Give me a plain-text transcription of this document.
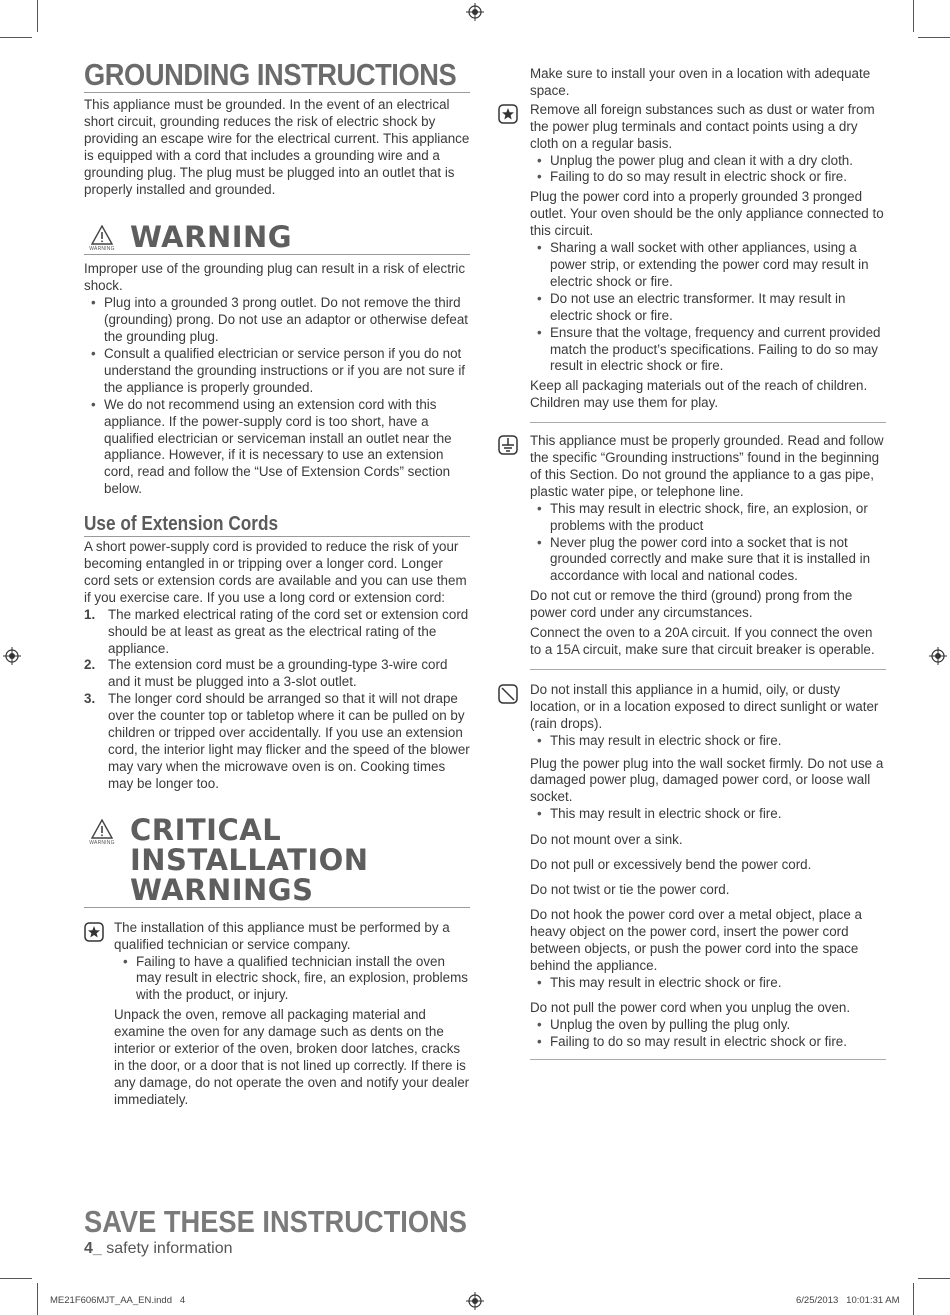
GROUNDING INSTRUCTIONS

This appliance must be grounded. In the event of an electrical short circuit, grounding reduces the risk of electric shock by providing an escape wire for the electrical current. This appliance is equipped with a cord that includes a grounding wire and a grounding plug. The plug must be plugged into an outlet that is properly installed and grounded.

WARNING WARNING

Improper use of the grounding plug can result in a risk of electric shock.

• Plug into a grounded 3 prong outlet. Do not remove the third (grounding) prong. Do not use an adaptor or otherwise defeat the grounding plug.
• Consult a qualified electrician or service person if you do not understand the grounding instructions or if you are not sure if the appliance is properly grounded.
• We do not recommend using an extension cord with this appliance. If the power-supply cord is too short, have a qualified electrician or serviceman install an outlet near the appliance. However, if it is necessary to use an extension cord, read and follow the “Use of Extension Cords” section below.
Use of Extension Cords

A short power-supply cord is provided to reduce the risk of your becoming entangled in or tripping over a longer cord. Longer cord sets or extension cords are available and you can use them if you exercise care. If you use a long cord or extension cord:

1. The marked electrical rating of the cord set or extension cord should be at least as great as the electrical rating of the appliance.
2. The extension cord must be a grounding-type 3-wire cord and it must be plugged into a 3-slot outlet.
3. The longer cord should be arranged so that it will not drape over the counter top or tabletop where it can be pulled on by children or tripped over accidentally. If you use an extension cord, the interior light may flicker and the speed of the blower may vary when the microwave oven is on. Cooking times may be longer too.
WARNING CRITICAL
INSTALLATION
WARNINGS

The installation of this appliance must be performed by a qualified technician or service company.

• Failing to have a qualified technician install the oven may result in electric shock, fire, an explosion, problems with the product, or injury.

Unpack the oven, remove all packaging material and examine the oven for any damage such as dents on the interior or exterior of the oven, broken door latches, cracks in the door, or a door that is not lined up correctly. If there is any damage, do not operate the oven and notify your dealer immediately.

Make sure to install your oven in a location with adequate space.

Remove all foreign substances such as dust or water from the power plug terminals and contact points using a dry cloth on a regular basis.

• Unplug the power plug and clean it with a dry cloth.
• Failing to do so may result in electric shock or fire.

Plug the power cord into a properly grounded 3 pronged outlet. Your oven should be the only appliance connected to this circuit.

• Sharing a wall socket with other appliances, using a power strip, or extending the power cord may result in electric shock or fire.
• Do not use an electric transformer. It may result in electric shock or fire.
• Ensure that the voltage, frequency and current provided match the product’s specifications. Failing to do so may result in electric shock or fire.

Keep all packaging materials out of the reach of children. Children may use them for play.

This appliance must be properly grounded. Read and follow the specific “Grounding instructions” found in the beginning of this Section. Do not ground the appliance to a gas pipe, plastic water pipe, or telephone line.

• This may result in electric shock, fire, an explosion, or problems with the product
• Never plug the power cord into a socket that is not grounded correctly and make sure that it is installed in accordance with local and national codes.

Do not cut or remove the third (ground) prong from the power cord under any circumstances.

Connect the oven to a 20A circuit. If you connect the oven to a 15A circuit, make sure that circuit breaker is operable.

Do not install this appliance in a humid, oily, or dusty location, or in a location exposed to direct sunlight or water (rain drops).

• This may result in electric shock or fire.

Plug the power plug into the wall socket firmly. Do not use a damaged power plug, damaged power cord, or loose wall socket.

• This may result in electric shock or fire.

Do not mount over a sink.

Do not pull or excessively bend the power cord.

Do not twist or tie the power cord.

Do not hook the power cord over a metal object, place a heavy object on the power cord, insert the power cord between objects, or push the power cord into the space behind the appliance.

• This may result in electric shock or fire.

Do not pull the power cord when you unplug the oven.

• Unplug the oven by pulling the plug only.
• Failing to do so may result in electric shock or fire.
SAVE THESE INSTRUCTIONS
4_ safety information
ME21F606MJT_AA_EN.indd   4	6/25/2013   10:01:31 AM
